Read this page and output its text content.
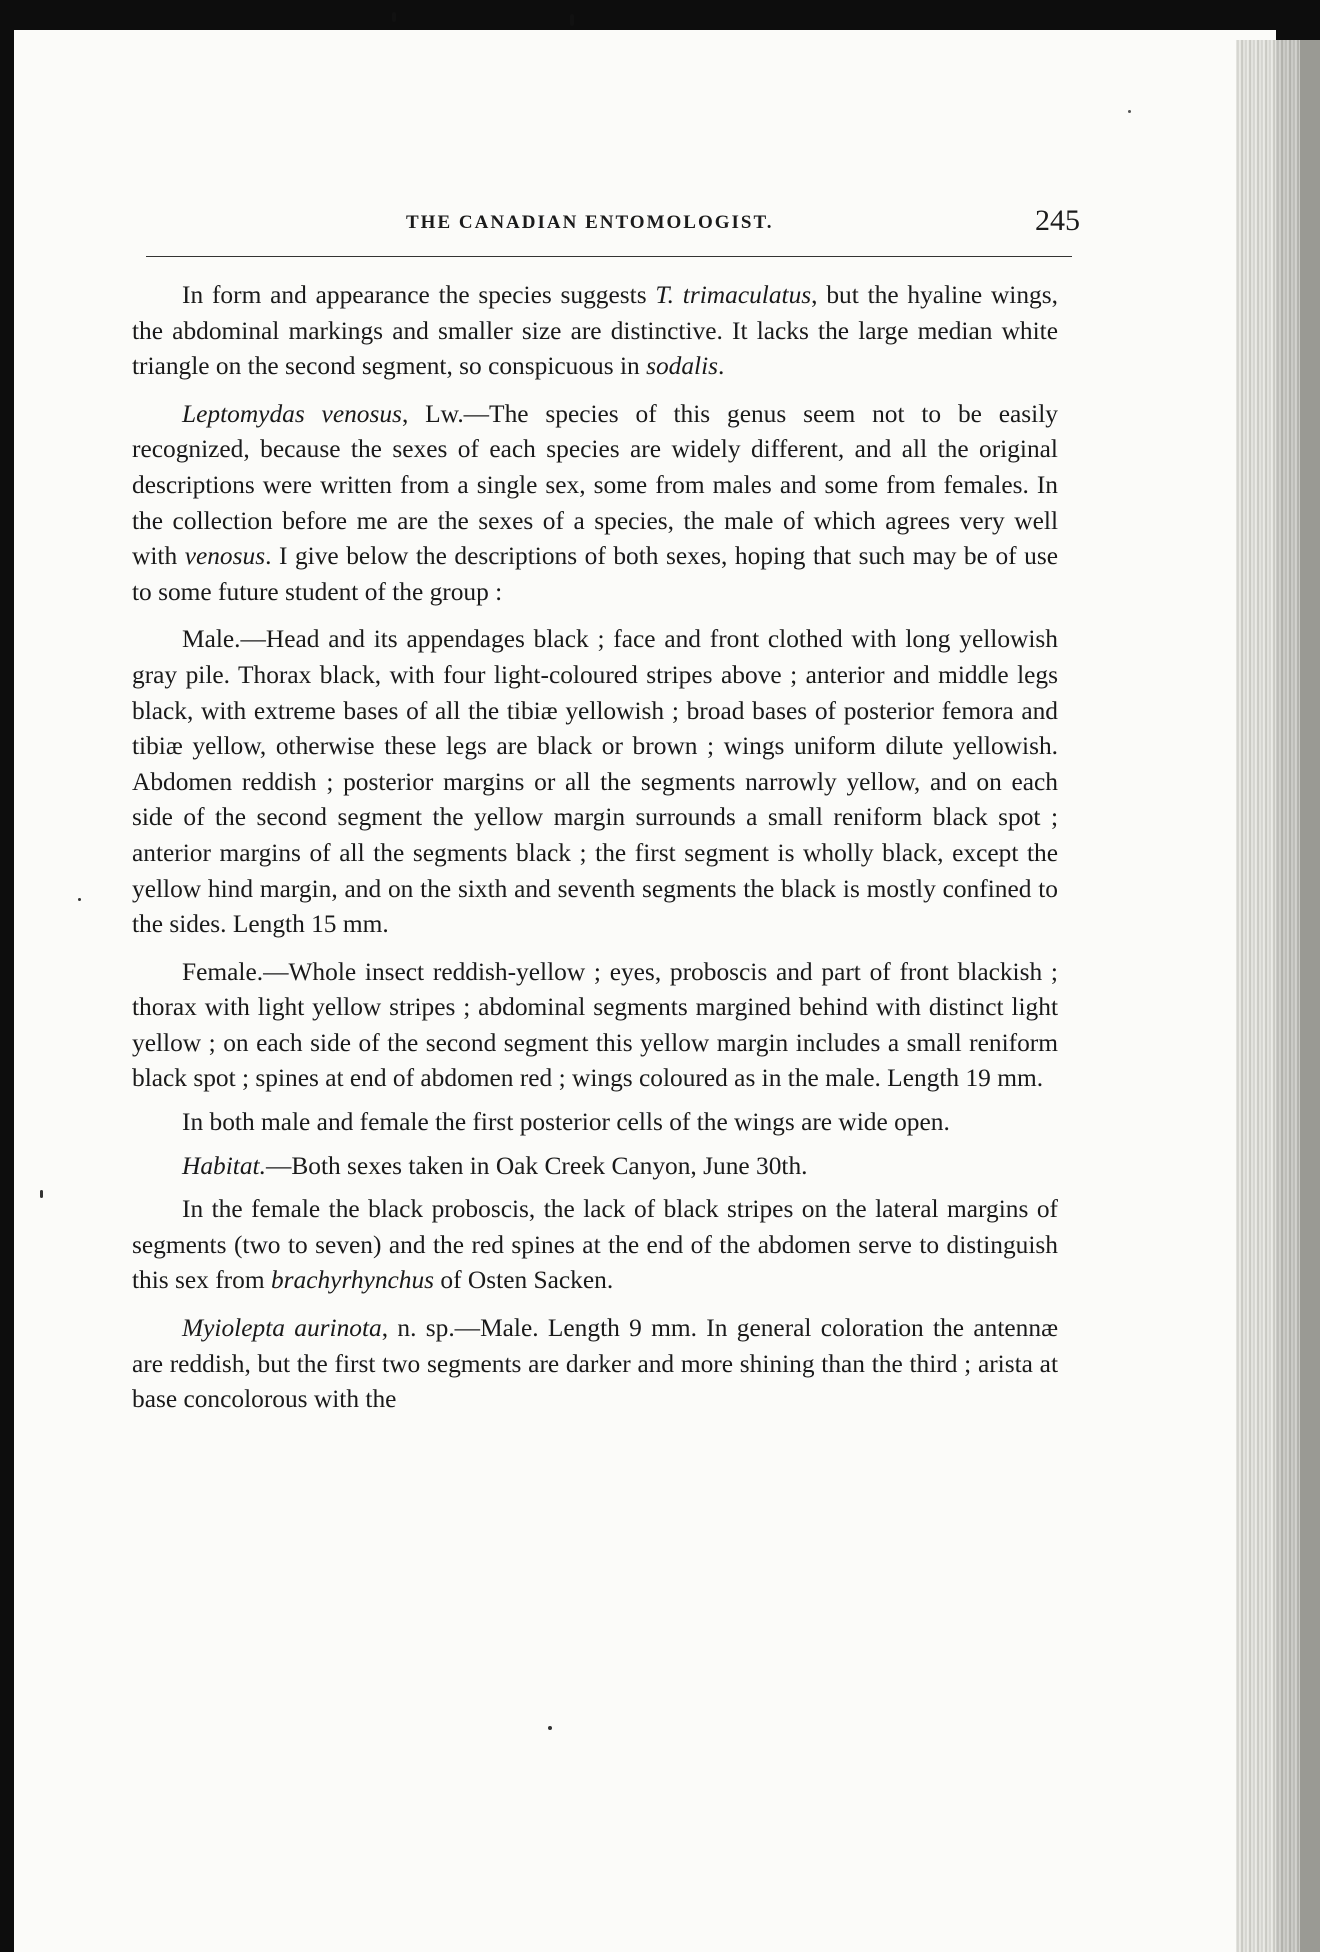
THE CANADIAN ENTOMOLOGIST.	245

In form and appearance the species suggests T. trimaculatus, but the hyaline wings, the abdominal markings and smaller size are distinctive. It lacks the large median white triangle on the second segment, so conspicuous in sodalis.

Leptomydas venosus, Lw.—The species of this genus seem not to be easily recognized, because the sexes of each species are widely different, and all the original descriptions were written from a single sex, some from males and some from females. In the collection before me are the sexes of a species, the male of which agrees very well with venosus. I give below the descriptions of both sexes, hoping that such may be of use to some future student of the group :

Male.—Head and its appendages black ; face and front clothed with long yellowish gray pile. Thorax black, with four light-coloured stripes above ; anterior and middle legs black, with extreme bases of all the tibiæ yellowish ; broad bases of posterior femora and tibiæ yellow, otherwise these legs are black or brown ; wings uniform dilute yellowish. Abdomen reddish ; posterior margins or all the segments narrowly yellow, and on each side of the second segment the yellow margin surrounds a small reniform black spot ; anterior margins of all the segments black ; the first segment is wholly black, except the yellow hind margin, and on the sixth and seventh segments the black is mostly confined to the sides. Length 15 mm.

Female.—Whole insect reddish-yellow ; eyes, proboscis and part of front blackish ; thorax with light yellow stripes ; abdominal segments margined behind with distinct light yellow ; on each side of the second segment this yellow margin includes a small reniform black spot ; spines at end of abdomen red ; wings coloured as in the male. Length 19 mm.

In both male and female the first posterior cells of the wings are wide open.

Habitat.—Both sexes taken in Oak Creek Canyon, June 30th.

In the female the black proboscis, the lack of black stripes on the lateral margins of segments (two to seven) and the red spines at the end of the abdomen serve to distinguish this sex from brachyrhynchus of Osten Sacken.

Myiolepta aurinota, n. sp.—Male. Length 9 mm. In general coloration the antennæ are reddish, but the first two segments are darker and more shining than the third ; arista at base concolorous with the
